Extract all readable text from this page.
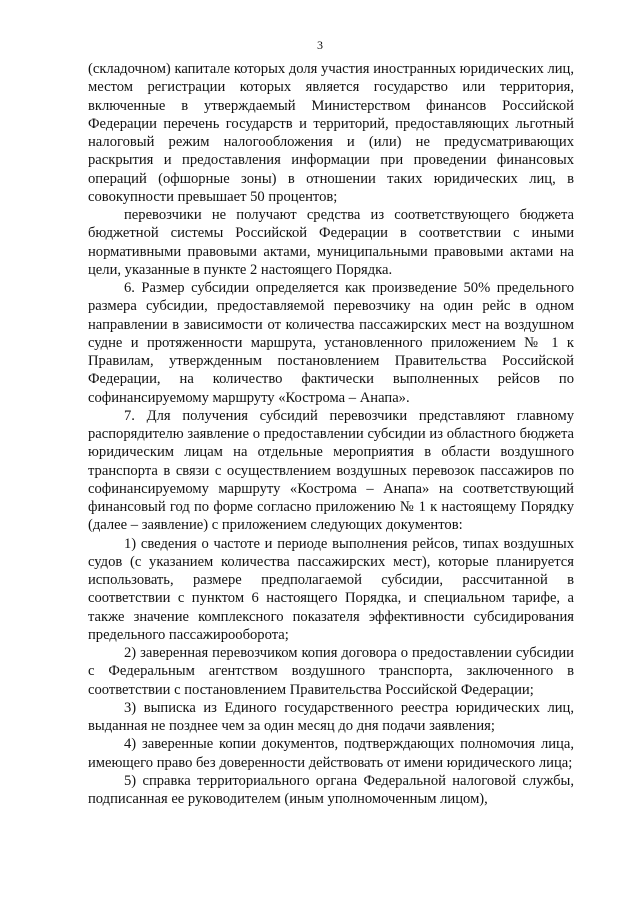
3

(складочном) капитале которых доля участия иностранных юридических лиц, местом регистрации которых является государство или территория, включенные в утверждаемый Министерством финансов Российской Федерации перечень государств и территорий, предоставляющих льготный налоговый режим налогообложения и (или) не предусматривающих раскрытия и предоставления информации при проведении финансовых операций (офшорные зоны) в отношении таких юридических лиц, в совокупности превышает 50 процентов;

перевозчики не получают средства из соответствующего бюджета бюджетной системы Российской Федерации в соответствии с иными нормативными правовыми актами, муниципальными правовыми актами на цели, указанные в пункте 2 настоящего Порядка.

6. Размер субсидии определяется как произведение 50% предельного размера субсидии, предоставляемой перевозчику на один рейс в одном направлении в зависимости от количества пассажирских мест на воздушном судне и протяженности маршрута, установленного приложением № 1 к Правилам, утвержденным постановлением Правительства Российской Федерации, на количество фактически выполненных рейсов по софинансируемому маршруту «Кострома – Анапа».

7. Для получения субсидий перевозчики представляют главному распорядителю заявление о предоставлении субсидии из областного бюджета юридическим лицам на отдельные мероприятия в области воздушного транспорта в связи с осуществлением воздушных перевозок пассажиров по софинансируемому маршруту «Кострома – Анапа» на соответствующий финансовый год по форме согласно приложению № 1 к настоящему Порядку (далее – заявление) с приложением следующих документов:

1) сведения о частоте и периоде выполнения рейсов, типах воздушных судов (с указанием количества пассажирских мест), которые планируется использовать, размере предполагаемой субсидии, рассчитанной в соответствии с пунктом 6 настоящего Порядка, и специальном тарифе, а также значение комплексного показателя эффективности субсидирования предельного пассажирооборота;

2) заверенная перевозчиком копия договора о предоставлении субсидии с Федеральным агентством воздушного транспорта, заключенного в соответствии с постановлением Правительства Российской Федерации;

3) выписка из Единого государственного реестра юридических лиц, выданная не позднее чем за один месяц до дня подачи заявления;

4) заверенные копии документов, подтверждающих полномочия лица, имеющего право без доверенности действовать от имени юридического лица;

5) справка территориального органа Федеральной налоговой службы, подписанная ее руководителем (иным уполномоченным лицом),
